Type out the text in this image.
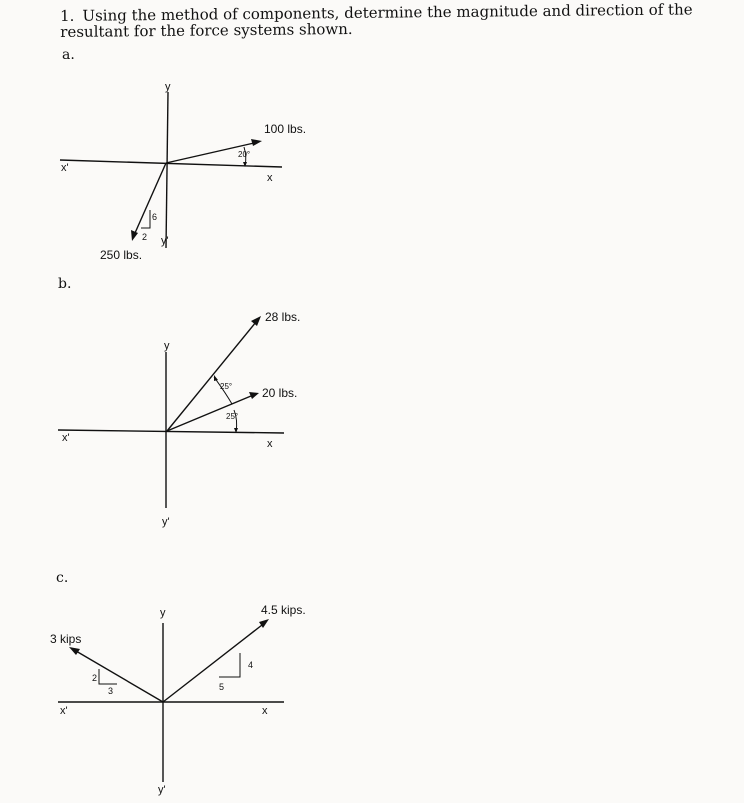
1. Using the method of components, determine the magnitude and direction of the resultant for the force systems shown.

a.

b.

c.

y
x'
x
y'
100 lbs.
20°
250 lbs.
6
2
y
x'	x
y'
28 lbs.
20 lbs.
25°
25°
y
x'	x
y'
3 kips
2
3
4.5 kips.
4
5
